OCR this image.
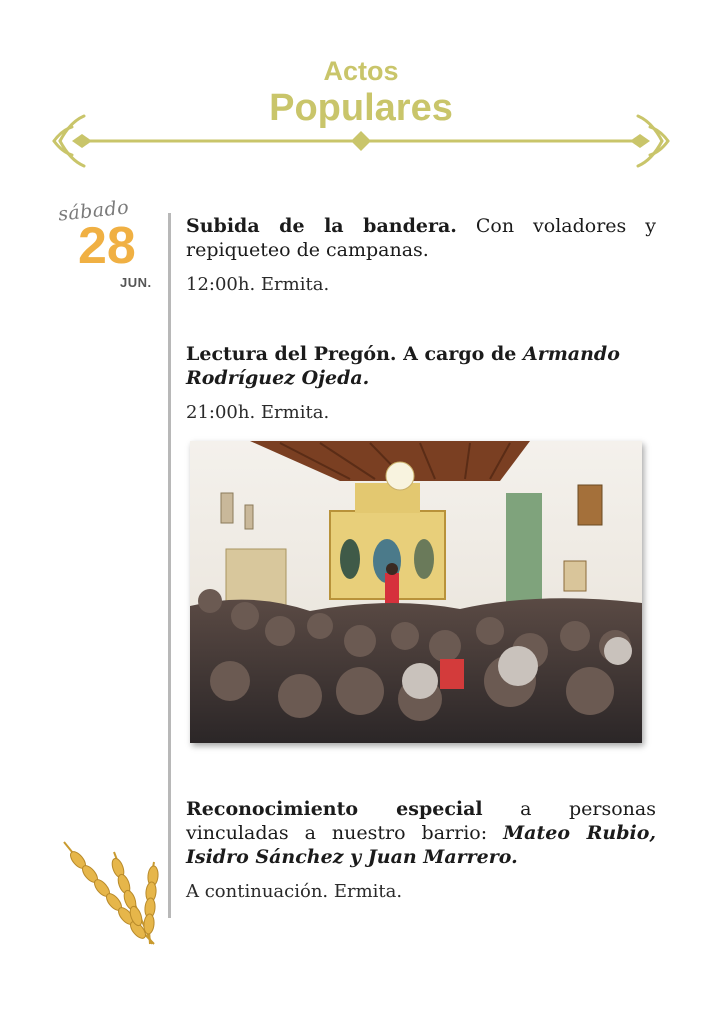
Actos
Populares
sábado
28
JUN.

Subida de la bandera. Con voladores y repiqueteo de campanas.

12:00h. Ermita.

Lectura del Pregón. A cargo de Armando Rodríguez Ojeda.

21:00h. Ermita.

Reconocimiento especial a personas vinculadas a nuestro barrio: Mateo Rubio, Isidro Sánchez y Juan Marrero.

A continuación. Ermita.
